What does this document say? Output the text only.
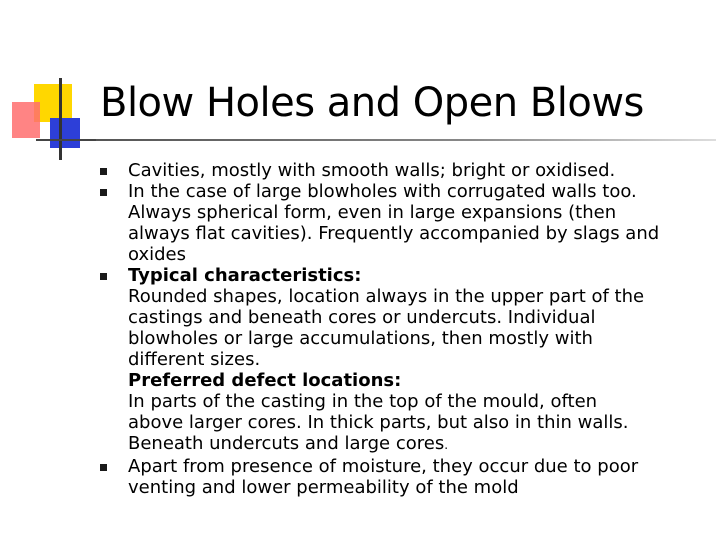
Blow Holes and Open Blows
Cavities, mostly with smooth walls; bright or oxidised.
In the case of large blowholes with corrugated walls too.
Always spherical form, even in large expansions (then
always flat cavities). Frequently accompanied by slags and
oxides
Typical characteristics:
Rounded shapes, location always in the upper part of the
castings and beneath cores or undercuts. Individual
blowholes or large accumulations, then mostly with
different sizes.
Preferred defect locations:
In parts of the casting in the top of the mould, often
above larger cores. In thick parts, but also in thin walls.
Beneath undercuts and large cores.
Apart from presence of moisture, they occur due to poor
venting and lower permeability of the mold
